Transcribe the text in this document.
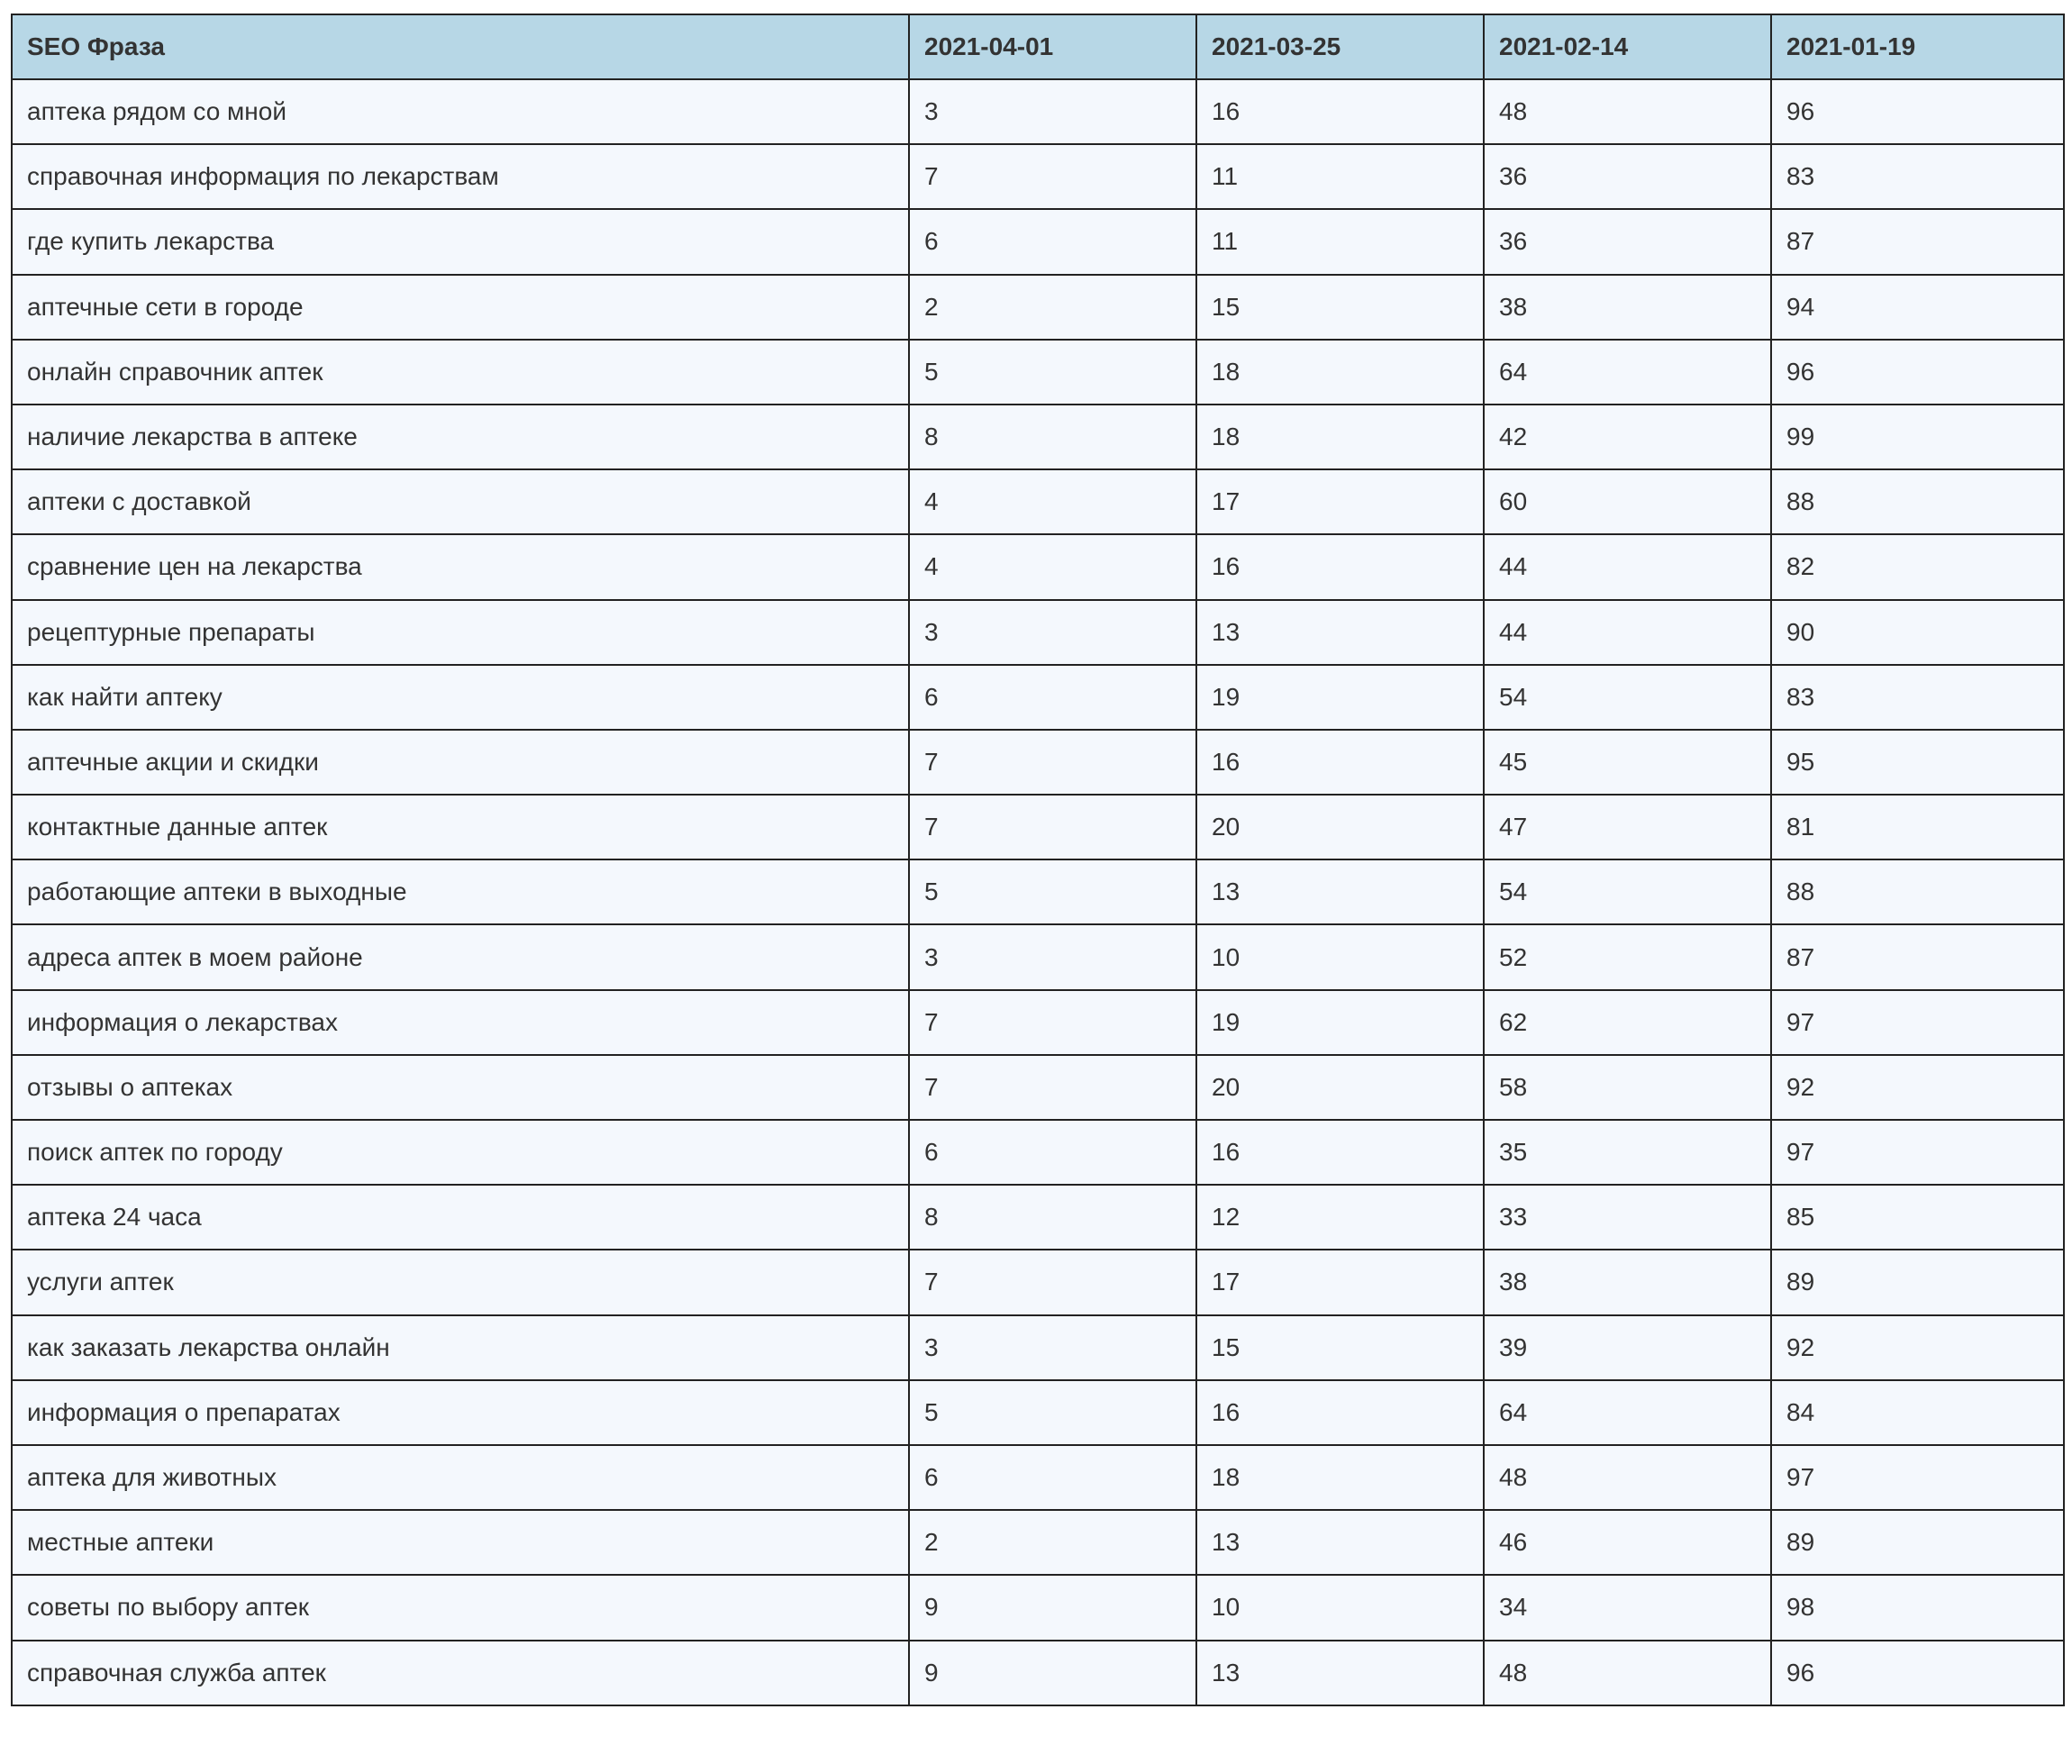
SEO Фраза	2021-04-01	2021-03-25	2021-02-14	2021-01-19
аптека рядом со мной	3	16	48	96
справочная информация по лекарствам	7	11	36	83
где купить лекарства	6	11	36	87
аптечные сети в городе	2	15	38	94
онлайн справочник аптек	5	18	64	96
наличие лекарства в аптеке	8	18	42	99
аптеки с доставкой	4	17	60	88
сравнение цен на лекарства	4	16	44	82
рецептурные препараты	3	13	44	90
как найти аптеку	6	19	54	83
аптечные акции и скидки	7	16	45	95
контактные данные аптек	7	20	47	81
работающие аптеки в выходные	5	13	54	88
адреса аптек в моем районе	3	10	52	87
информация о лекарствах	7	19	62	97
отзывы о аптеках	7	20	58	92
поиск аптек по городу	6	16	35	97
аптека 24 часа	8	12	33	85
услуги аптек	7	17	38	89
как заказать лекарства онлайн	3	15	39	92
информация о препаратах	5	16	64	84
аптека для животных	6	18	48	97
местные аптеки	2	13	46	89
советы по выбору аптек	9	10	34	98
справочная служба аптек	9	13	48	96
